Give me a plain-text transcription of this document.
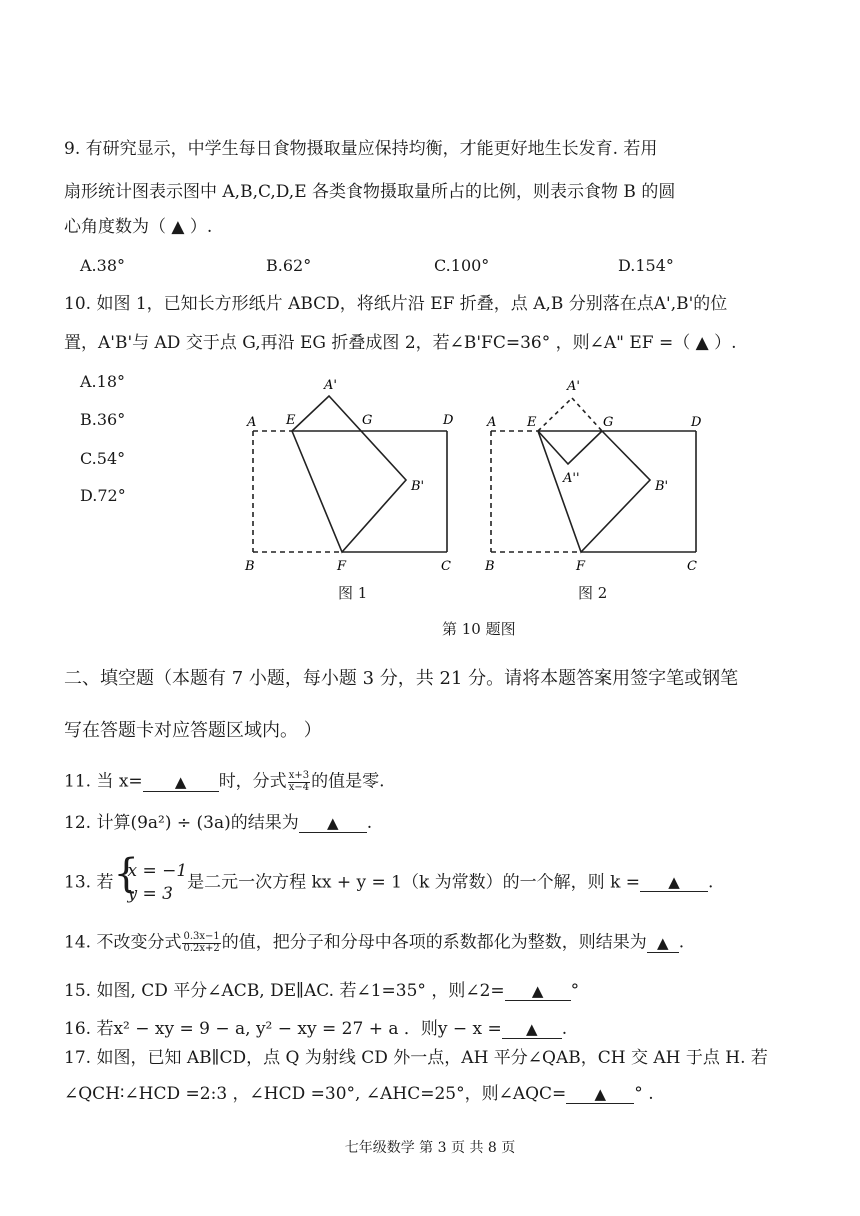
9. 有研究显示，中学生每日食物摄取量应保持均衡，才能更好地生长发育. 若用
扇形统计图表示图中 A,B,C,D,E 各类食物摄取量所占的比例，则表示食物 B 的圆
心角度数为（ ▲ ）.
A.38°	B.62°	C.100°	D.154°
10. 如图 1，已知长方形纸片 ABCD，将纸片沿 EF 折叠，点 A,B 分别落在点A',B'的位
置，A'B'与 AD 交于点 G,再沿 EG 折叠成图 2，若∠B'FC=36° ，则∠A" EF =（ ▲ ）.
A.18°
B.36°
C.54°
D.72°
A E
A'
G	D
B'
B	F	C
图 1
A E
A'
G	D
A''
B'
B	F	C
图 2
第 10 题图
二、填空题（本题有 7 小题，每小题 3 分，共 21 分。请将本题答案用签字笔或钢笔
写在答题卡对应答题区域内。 ）
11. 当 x= ▲ 时，分式 $\frac{x+3}{x-4}$ 的值是零.
12. 计算(9a²) ÷ (3a)的结果为 ▲ .
13. 若 {
x = −1
y = 3
是二元一次方程 kx + y = 1（k 为常数）的一个解，则 k = ▲ .
14. 不改变分式 $\frac{0.3x-1}{0.2x+2}$ 的值，把分子和分母中各项的系数都化为整数，则结果为 ▲ .
15. 如图, CD 平分∠ACB, DE∥AC. 若∠1=35° ，则∠2= ▲ °
16. 若x² − xy = 9 − a, y² − xy = 27 + a ．则y − x = ▲ .
17. 如图，已知 AB∥CD，点 Q 为射线 CD 外一点，AH 平分∠QAB，CH 交 AH 于点 H. 若
∠QCH∶∠HCD =2:3 ，∠HCD =30°, ∠AHC=25°，则∠AQC= ▲ ° .
七年级数学 第 3 页 共 8 页
